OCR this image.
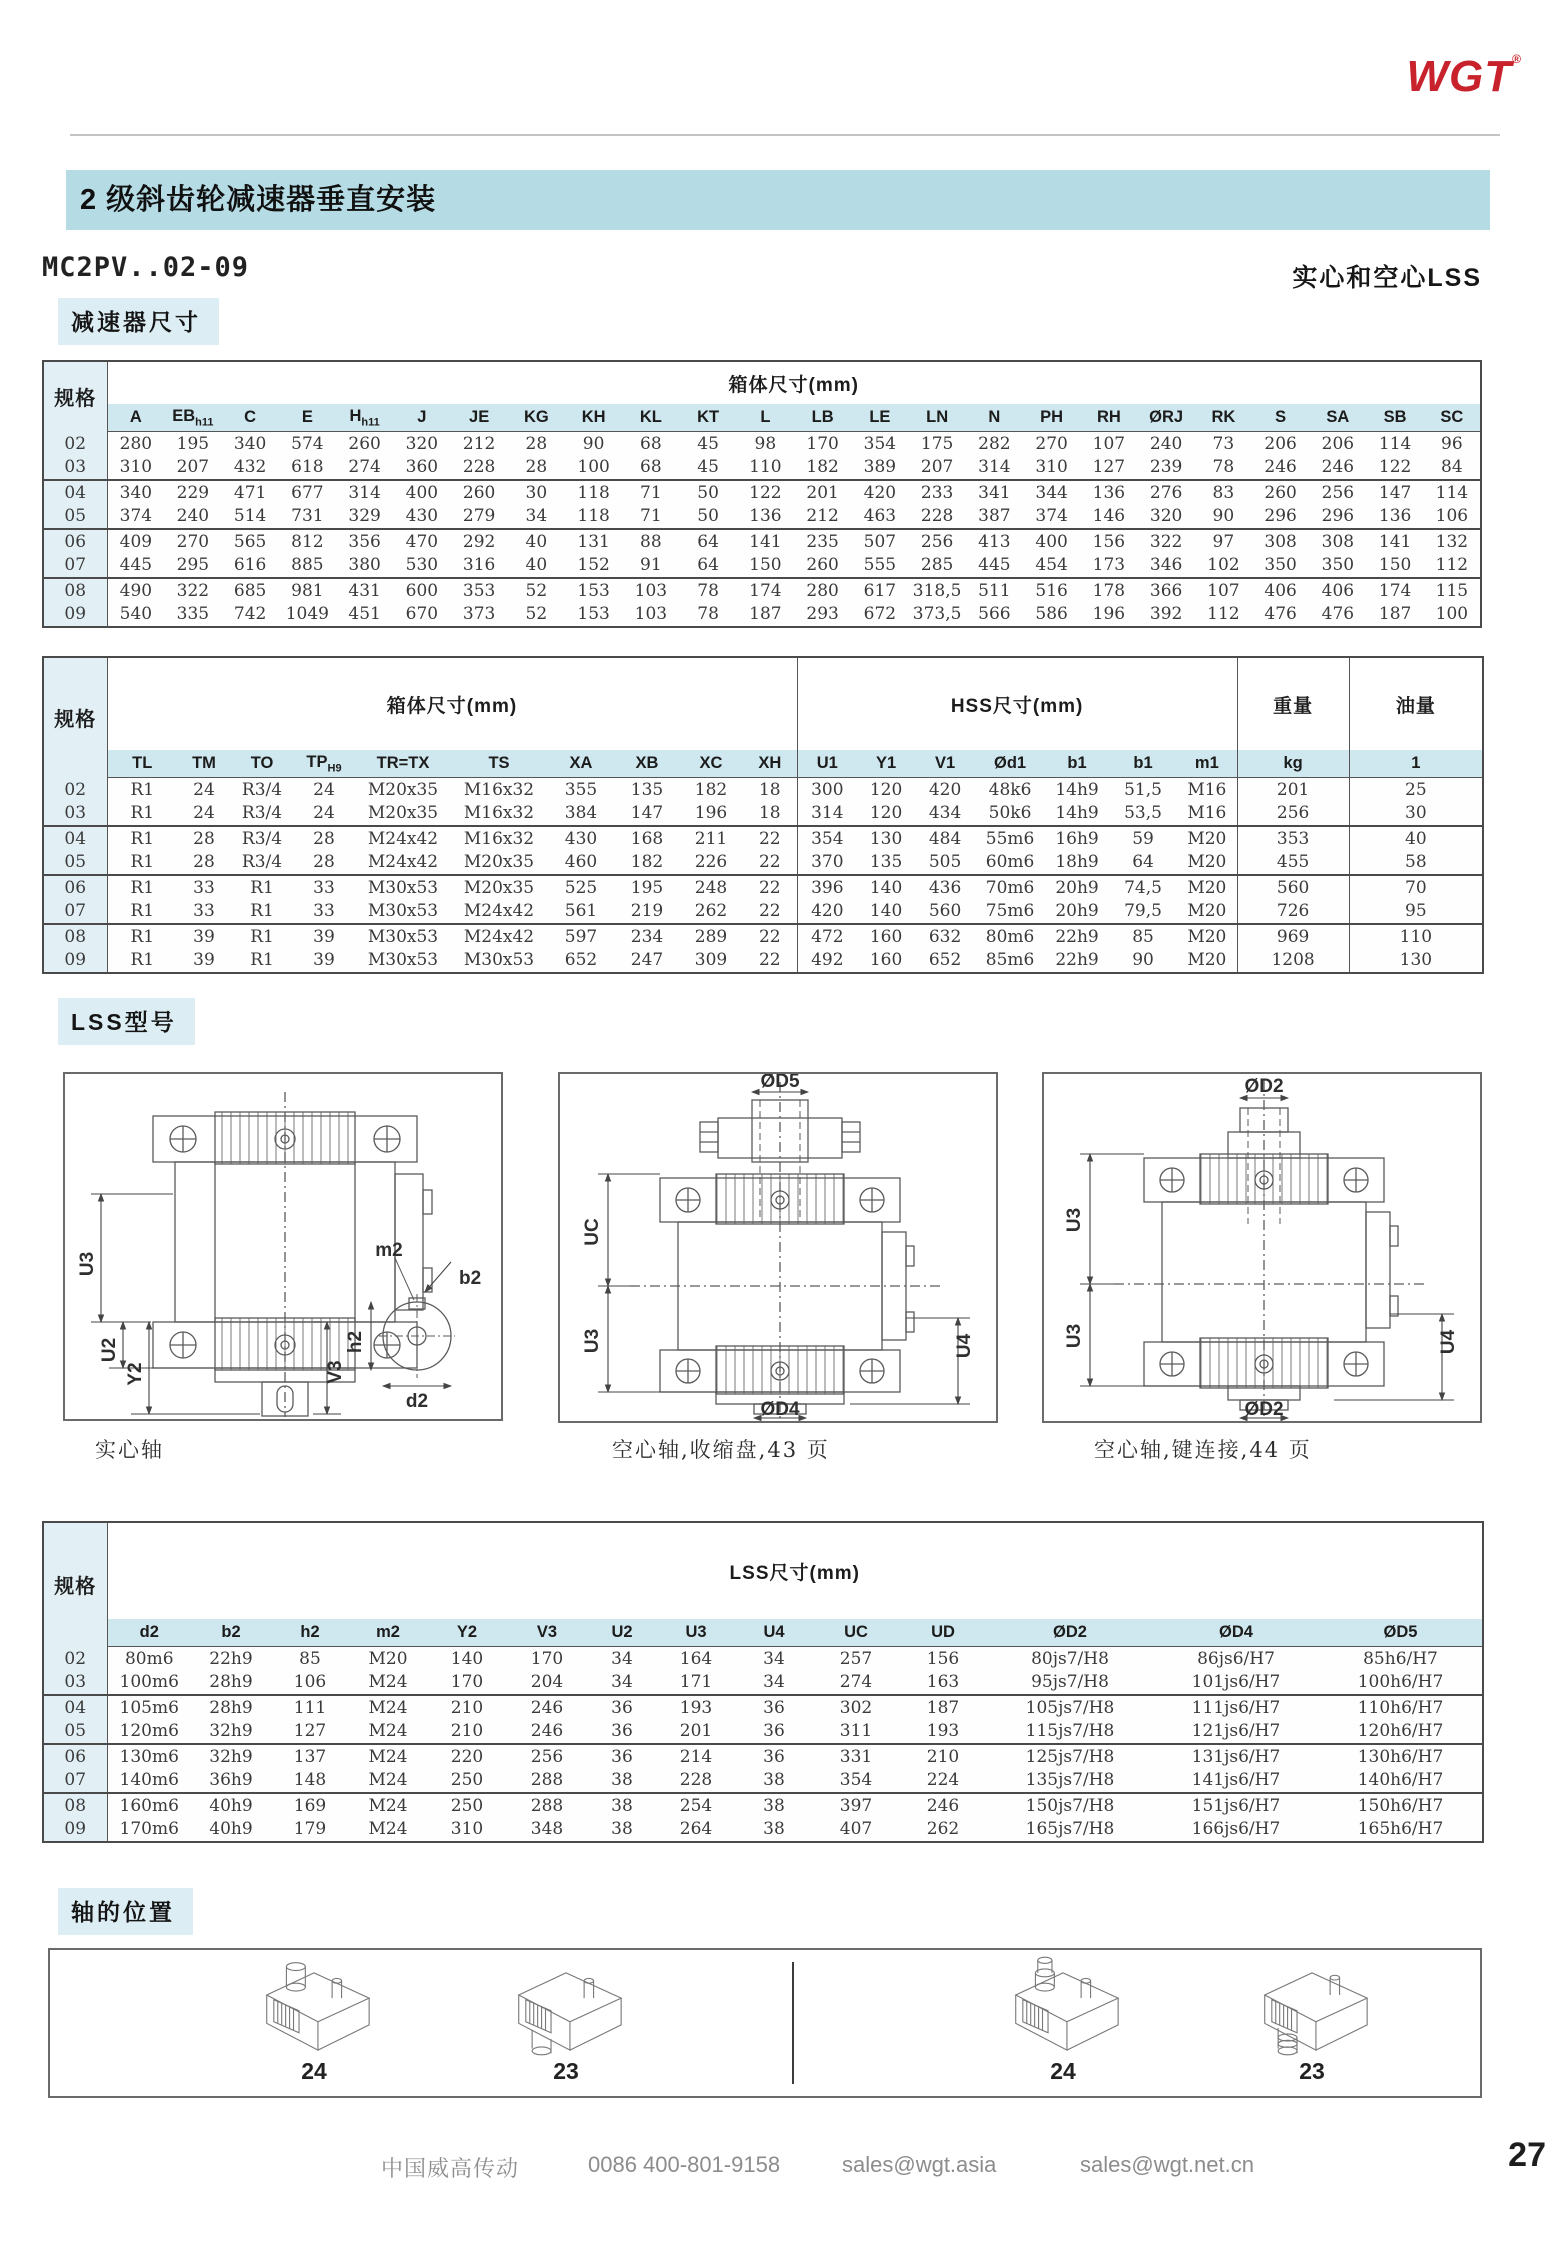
WGT®
2 级斜齿轮减速器垂直安装
MC2PV..02-09	实心和空心LSS
减速器尺寸
规格	箱体尺寸(mm)																							
	A	$EB_{h11}$	C	E	$H_{h11}$	J	JE	KG	KH	KL	KT	L	LB	LE	LN	N	PH	RH	ØRJ	RK	S	SA	SB	SC
02	280	195	340	574	260	320	212	28	90	68	45	98	170	354	175	282	270	107	240	73	206	206	114	96
03	310	207	432	618	274	360	228	28	100	68	45	110	182	389	207	314	310	127	239	78	246	246	122	84
04	340	229	471	677	314	400	260	30	118	71	50	122	201	420	233	341	344	136	276	83	260	256	147	114
05	374	240	514	731	329	430	279	34	118	71	50	136	212	463	228	387	374	146	320	90	296	296	136	106
06	409	270	565	812	356	470	292	40	131	88	64	141	235	507	256	413	400	156	322	97	308	308	141	132
07	445	295	616	885	380	530	316	40	152	91	64	150	260	555	285	445	454	173	346	102	350	350	150	112
08	490	322	685	981	431	600	353	52	153	103	78	174	280	617	318,5	511	516	178	366	107	406	406	174	115
09	540	335	742	1049	451	670	373	52	153	103	78	187	293	672	373,5	566	586	196	392	112	476	476	187	100
规格	箱体尺寸(mm)										HSS尺寸(mm)							重量	油量
	TL	TM	TO	$TP_{H9}$	TR=TX	TS	XA	XB	XC	XH	U1	Y1	V1	Ød1	b1	b1	m1	kg	1
02	R1	24	R3/4	24	M20x35	M16x32	355	135	182	18	300	120	420	48k6	14h9	51,5	M16	201	25
03	R1	24	R3/4	24	M20x35	M16x32	384	147	196	18	314	120	434	50k6	14h9	53,5	M16	256	30
04	R1	28	R3/4	28	M24x42	M16x32	430	168	211	22	354	130	484	55m6	16h9	59	M20	353	40
05	R1	28	R3/4	28	M24x42	M20x35	460	182	226	22	370	135	505	60m6	18h9	64	M20	455	58
06	R1	33	R1	33	M30x53	M20x35	525	195	248	22	396	140	436	70m6	20h9	74,5	M20	560	70
07	R1	33	R1	33	M30x53	M24x42	561	219	262	22	420	140	560	75m6	20h9	79,5	M20	726	95
08	R1	39	R1	39	M30x53	M24x42	597	234	289	22	472	160	632	80m6	22h9	85	M20	969	110
09	R1	39	R1	39	M30x53	M30x53	652	247	309	22	492	160	652	85m6	22h9	90	M20	1208	130
LSS型号
U3
U2
Y2	V3
m2
b2
h2
d2
ØD5
UC
U3	U4
ØD4
ØD2
U3
U3	U4
ØD2
实心轴	空心轴,收缩盘,43 页	空心轴,键连接,44 页
规格	LSS尺寸(mm)													
	d2	b2	h2	m2	Y2	V3	U2	U3	U4	UC	UD	ØD2	ØD4	ØD5
02	80m6	22h9	85	M20	140	170	34	164	34	257	156	80js7/H8	86js6/H7	85h6/H7
03	100m6	28h9	106	M24	170	204	34	171	34	274	163	95js7/H8	101js6/H7	100h6/H7
04	105m6	28h9	111	M24	210	246	36	193	36	302	187	105js7/H8	111js6/H7	110h6/H7
05	120m6	32h9	127	M24	210	246	36	201	36	311	193	115js7/H8	121js6/H7	120h6/H7
06	130m6	32h9	137	M24	220	256	36	214	36	331	210	125js7/H8	131js6/H7	130h6/H7
07	140m6	36h9	148	M24	250	288	38	228	38	354	224	135js7/H8	141js6/H7	140h6/H7
08	160m6	40h9	169	M24	250	288	38	254	38	397	246	150js7/H8	151js6/H7	150h6/H7
09	170m6	40h9	179	M24	310	348	38	264	38	407	262	165js7/H8	166js6/H7	165h6/H7
轴的位置
24	23	24	23
中国威高传动	0086 400-801-9158	sales@wgt.asia	sales@wgt.net.cn	27
